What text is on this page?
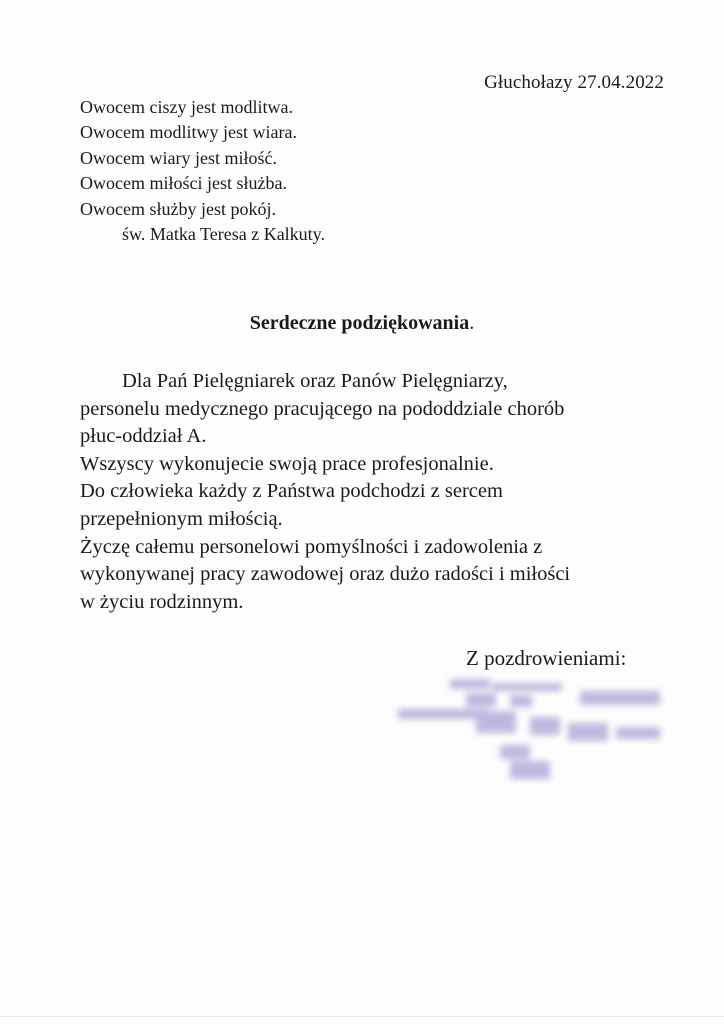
Głuchołazy 27.04.2022
Owocem ciszy jest modlitwa.
Owocem modlitwy jest wiara.
Owocem wiary jest miłość.
Owocem miłości jest służba.
Owocem służby jest pokój.
św. Matka Teresa z Kalkuty.
Serdeczne podziękowania.
Dla Pań Pielęgniarek oraz Panów Pielęgniarzy,
personelu medycznego pracującego na pododdziale chorób
płuc-oddział A.
Wszyscy wykonujecie swoją prace profesjonalnie.
Do człowieka każdy z Państwa podchodzi z sercem
przepełnionym miłością.
Życzę całemu personelowi pomyślności i zadowolenia z
wykonywanej pracy zawodowej oraz dużo radości i miłości
w życiu rodzinnym.
Z pozdrowieniami:
